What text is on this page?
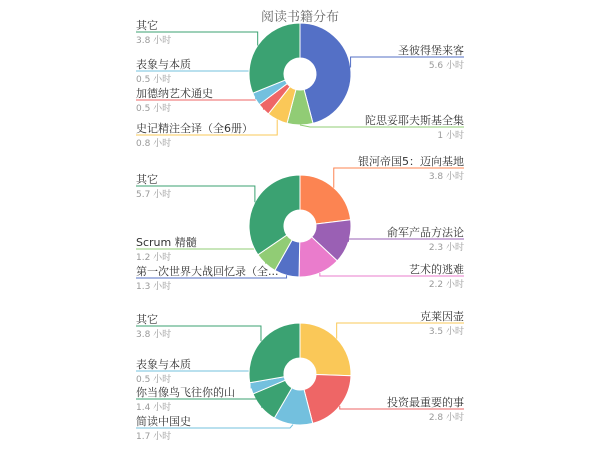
阅读书籍分布
圣彼得堡来客
5.6 小时
陀思妥耶夫斯基全集
1 小时
史记精注全译（全6册）
0.8 小时
加德纳艺术通史
0.5 小时
表象与本质
0.5 小时
其它
3.8 小时
银河帝国5：迈向基地
3.8 小时
俞军产品方法论
2.3 小时
艺术的逃难
2.2 小时
第一次世界大战回忆录（全...
1.3 小时
Scrum 精髓
1.2 小时
其它
5.7 小时
克莱因壶
3.5 小时
投资最重要的事
2.8 小时
简读中国史
1.7 小时
你当像鸟飞往你的山
1.4 小时
表象与本质
0.5 小时
其它
3.8 小时
